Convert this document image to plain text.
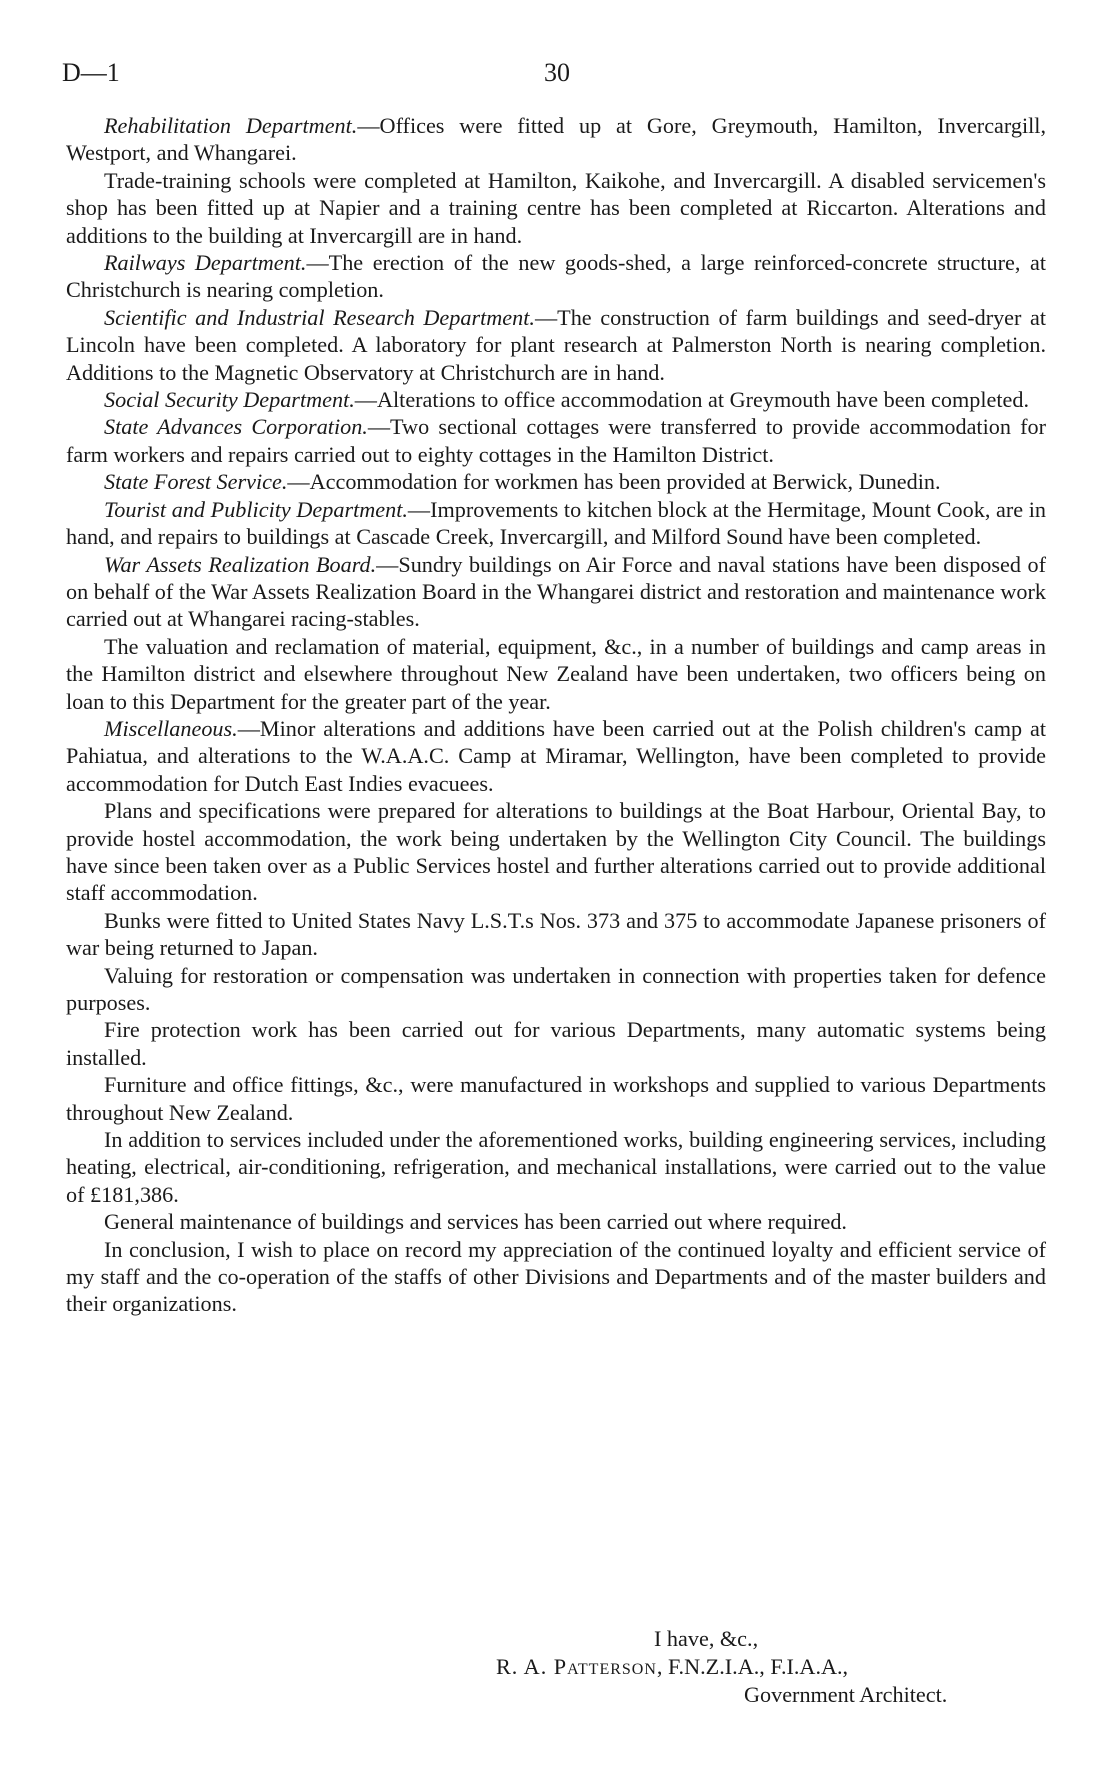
D—1	30

Rehabilitation Department.—Offices were fitted up at Gore, Greymouth, Hamilton, Invercargill, Westport, and Whangarei.

Trade-training schools were completed at Hamilton, Kaikohe, and Invercargill. A disabled servicemen's shop has been fitted up at Napier and a training centre has been completed at Riccarton. Alterations and additions to the building at Invercargill are in hand.

Railways Department.—The erection of the new goods-shed, a large reinforced-concrete structure, at Christchurch is nearing completion.

Scientific and Industrial Research Department.—The construction of farm buildings and seed-dryer at Lincoln have been completed. A laboratory for plant research at Palmerston North is nearing completion. Additions to the Magnetic Observatory at Christchurch are in hand.

Social Security Department.—Alterations to office accommodation at Greymouth have been completed.

State Advances Corporation.—Two sectional cottages were transferred to provide accommodation for farm workers and repairs carried out to eighty cottages in the Hamilton District.

State Forest Service.—Accommodation for workmen has been provided at Berwick, Dunedin.

Tourist and Publicity Department.—Improvements to kitchen block at the Hermitage, Mount Cook, are in hand, and repairs to buildings at Cascade Creek, Invercargill, and Milford Sound have been completed.

War Assets Realization Board.—Sundry buildings on Air Force and naval stations have been disposed of on behalf of the War Assets Realization Board in the Whangarei district and restoration and maintenance work carried out at Whangarei racing-stables.

The valuation and reclamation of material, equipment, &c., in a number of buildings and camp areas in the Hamilton district and elsewhere throughout New Zealand have been undertaken, two officers being on loan to this Department for the greater part of the year.

Miscellaneous.—Minor alterations and additions have been carried out at the Polish children's camp at Pahiatua, and alterations to the W.A.A.C. Camp at Miramar, Wellington, have been completed to provide accommodation for Dutch East Indies evacuees.

Plans and specifications were prepared for alterations to buildings at the Boat Harbour, Oriental Bay, to provide hostel accommodation, the work being undertaken by the Wellington City Council. The buildings have since been taken over as a Public Services hostel and further alterations carried out to provide additional staff accommodation.

Bunks were fitted to United States Navy L.S.T.s Nos. 373 and 375 to accommodate Japanese prisoners of war being returned to Japan.

Valuing for restoration or compensation was undertaken in connection with properties taken for defence purposes.

Fire protection work has been carried out for various Departments, many automatic systems being installed.

Furniture and office fittings, &c., were manufactured in workshops and supplied to various Departments throughout New Zealand.

In addition to services included under the aforementioned works, building engineering services, including heating, electrical, air-conditioning, refrigeration, and mechanical installations, were carried out to the value of £181,386.

General maintenance of buildings and services has been carried out where required.

In conclusion, I wish to place on record my appreciation of the continued loyalty and efficient service of my staff and the co-operation of the staffs of other Divisions and Departments and of the master builders and their organizations.

I have, &c.,
R. A. Patterson, F.N.Z.I.A., F.I.A.A.,
Government Architect.
